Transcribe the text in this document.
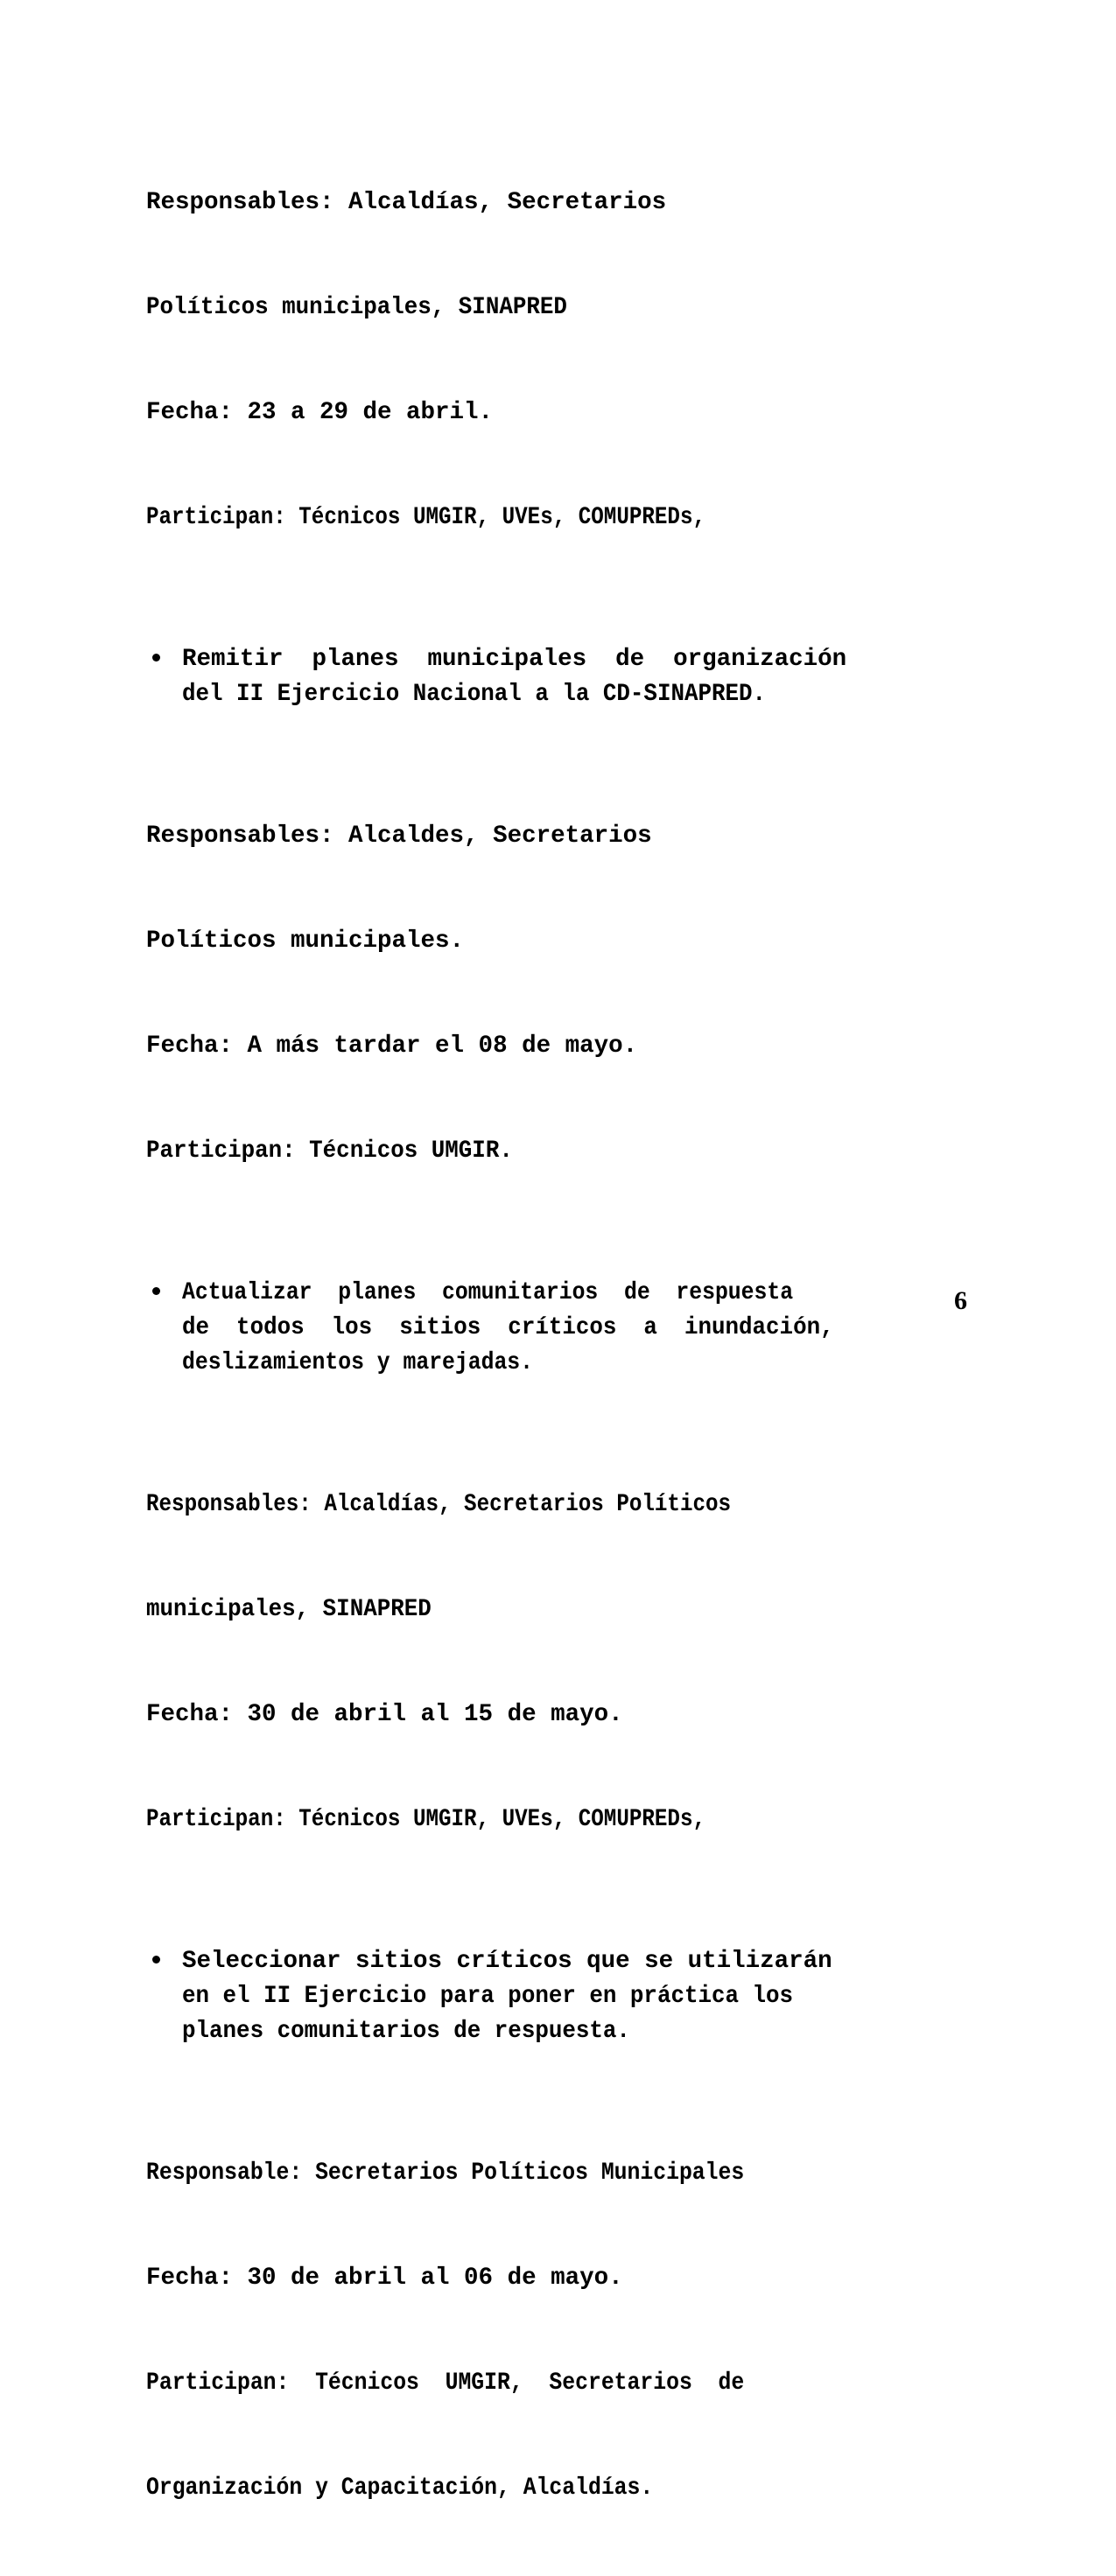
Responsables: Alcaldías, Secretarios

Políticos municipales, SINAPRED

Fecha: 23 a 29 de abril.

Participan: Técnicos UMGIR, UVEs, COMUPREDs,

Remitir  planes  municipales  de  organización
del II Ejercicio Nacional a la CD-SINAPRED.

Responsables: Alcaldes, Secretarios

Políticos municipales.

Fecha: A más tardar el 08 de mayo.

Participan: Técnicos UMGIR.

Actualizar  planes  comunitarios  de  respuesta
de  todos  los  sitios  críticos  a  inundación,
deslizamientos y marejadas.

Responsables: Alcaldías, Secretarios Políticos

municipales, SINAPRED

Fecha: 30 de abril al 15 de mayo.

Participan: Técnicos UMGIR, UVEs, COMUPREDs,

Seleccionar sitios críticos que se utilizarán
en el II Ejercicio para poner en práctica los
planes comunitarios de respuesta.

Responsable: Secretarios Políticos Municipales

Fecha: 30 de abril al 06 de mayo.

Participan:  Técnicos  UMGIR,  Secretarios  de

Organización y Capacitación, Alcaldías.

6
